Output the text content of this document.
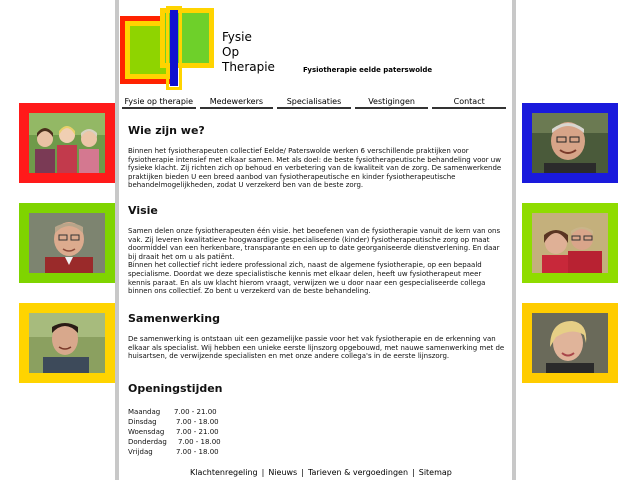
Fysie
Op
Therapie	Fysiotherapie eelde paterswolde
Fysie op therapie	Medewerkers	Specialisaties	Vestigingen	Contact
Wie zijn we?

Binnen het fysiotherapeuten collectief Eelde/ Paterswolde werken 6 verschillende praktijken voor fysiotherapie intensief met elkaar samen. Met als doel: de beste fysiotherapeutische behandeling voor uw fysieke klacht. Zij richten zich op behoud en verbetering van de kwaliteit van de zorg. De samenwerkende praktijken bieden U een breed aanbod van fysiotherapeutische en kinder fysiotherapeutische behandelmogelijkheden, zodat U verzekerd ben van de beste zorg.

Visie

Samen delen onze fysiotherapeuten één visie. het beoefenen van de fysiotherapie vanuit de kern van ons vak. Zij leveren kwalitatieve hoogwaardige gespecialiseerde (kinder) fysiotherapeutische zorg op maat doormiddel van een herkenbare, transparante en een up to date georganiseerde dienstverlening. En daar bij draait het om u als patiënt.

Binnen het collectief richt iedere professional zich, naast de algemene fysiotherapie, op een bepaald specialisme. Doordat we deze specialistische kennis met elkaar delen, heeft uw fysiotherapeut meer kennis paraat. En als uw klacht hierom vraagt, verwijzen we u door naar een gespecialiseerde collega binnen ons collectief. Zo bent u verzekerd van de beste behandeling.

Samenwerking

De samenwerking is ontstaan uit een gezamelijke passie voor het vak fysiotherapie en de erkenning van elkaar als specialist. Wij hebben een unieke eerste lijnszorg opgebouwd, met nauwe samenwerking met de huisartsen, de verwijzende specialisten en met onze andere collega's in de eerste lijnszorg.

Openingstijden
Maandag	7.00 - 21.00
Dinsdag	7.00 - 18.00
Woensdag	7.00 - 21.00
Donderdag	7.00 - 18.00
Vrijdag	7.00 - 18.00
Klachtenregeling | Nieuws | Tarieven & vergoedingen | Sitemap
